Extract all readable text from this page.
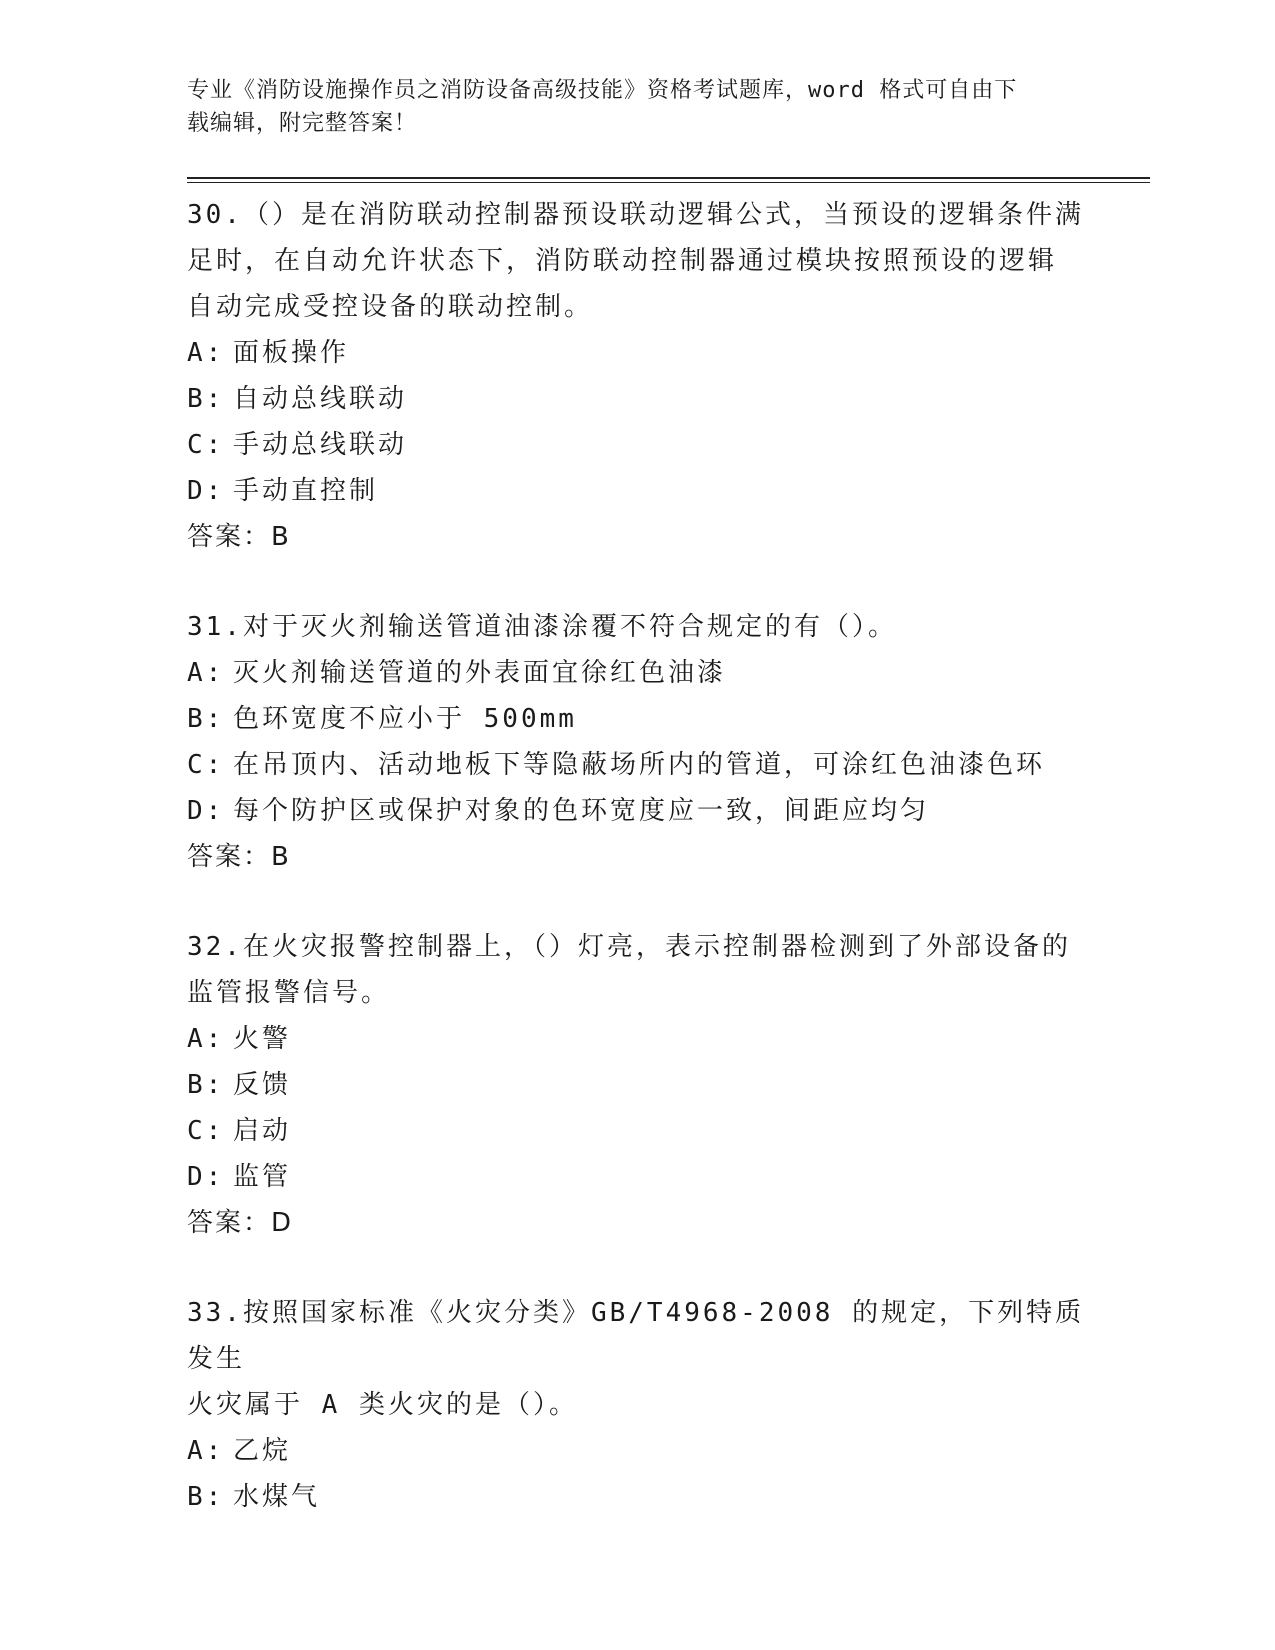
专业《消防设施操作员之消防设备高级技能》资格考试题库，word 格式可自由下
载编辑，附完整答案！

30.（）是在消防联动控制器预设联动逻辑公式，当预设的逻辑条件满

足时，在自动允许状态下，消防联动控制器通过模块按照预设的逻辑

自动完成受控设备的联动控制。

A: 面板操作

B: 自动总线联动

C: 手动总线联动

D: 手动直控制

答案：B

31.对于灭火剂输送管道油漆涂覆不符合规定的有（）。

A: 灭火剂输送管道的外表面宜徐红色油漆

B: 色环宽度不应小于 500mm

C: 在吊顶内、活动地板下等隐蔽场所内的管道，可涂红色油漆色环

D: 每个防护区或保护对象的色环宽度应一致，间距应均匀

答案：B

32.在火灾报警控制器上，（）灯亮，表示控制器检测到了外部设备的

监管报警信号。

A: 火警

B: 反馈

C: 启动

D: 监管

答案：D

33.按照国家标准《火灾分类》GB/T4968-2008 的规定，下列特质发生

火灾属于 A 类火灾的是（）。

A: 乙烷

B: 水煤气
